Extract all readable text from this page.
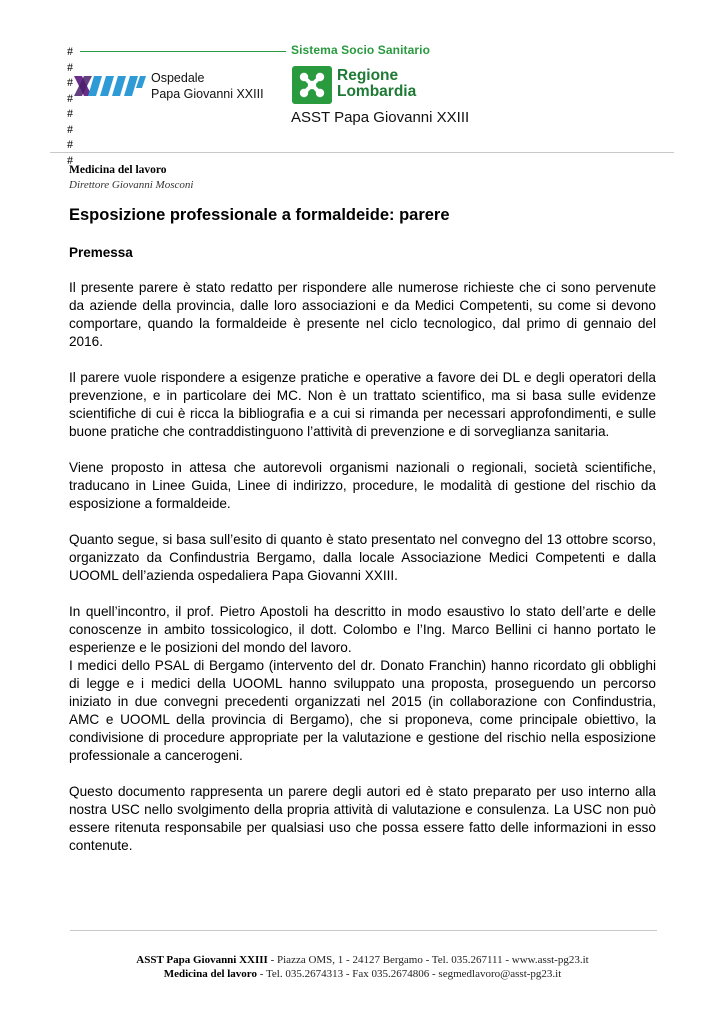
#
#
#
#
#
#
#
#
Sistema Socio Sanitario
Ospedale
Papa Giovanni XXIII
Regione
Lombardia
ASST Papa Giovanni XXIII
Medicina del lavoro
Direttore Giovanni Mosconi
Esposizione professionale a formaldeide: parere
Premessa

Il presente parere è stato redatto per rispondere alle numerose richieste che ci sono pervenute da aziende della provincia, dalle loro associazioni e da Medici Competenti, su come si devono comportare, quando la formaldeide è presente nel ciclo tecnologico, dal primo di gennaio del 2016.

Il parere vuole rispondere a esigenze pratiche e operative a favore dei DL e degli operatori della prevenzione, e in particolare dei MC. Non è un trattato scientifico, ma si basa sulle evidenze scientifiche di cui è ricca la bibliografia e a cui si rimanda per necessari approfondimenti, e sulle buone pratiche che contraddistinguono l’attività di prevenzione e di sorveglianza sanitaria.

Viene proposto in attesa che autorevoli organismi nazionali o regionali, società scientifiche, traducano in Linee Guida, Linee di indirizzo, procedure, le modalità di gestione del rischio da esposizione a formaldeide.

Quanto segue, si basa sull’esito di quanto è stato presentato nel convegno del 13 ottobre scorso, organizzato da Confindustria Bergamo, dalla locale Associazione Medici Competenti e dalla UOOML dell’azienda ospedaliera Papa Giovanni XXIII.

In quell’incontro, il prof. Pietro Apostoli ha descritto in modo esaustivo lo stato dell’arte e delle conoscenze in ambito tossicologico, il dott. Colombo e l’Ing. Marco Bellini ci hanno portato le esperienze e le posizioni del mondo del lavoro.

I medici dello PSAL di Bergamo (intervento del dr. Donato Franchin) hanno ricordato gli obblighi di legge e i medici della UOOML hanno sviluppato una proposta, proseguendo un percorso iniziato in due convegni precedenti organizzati nel 2015 (in collaborazione con Confindustria, AMC e UOOML della provincia di Bergamo), che si proponeva, come principale obiettivo, la condivisione di procedure appropriate per la valutazione e gestione del rischio nella esposizione professionale a cancerogeni.

Questo documento rappresenta un parere degli autori ed è stato preparato per uso interno alla nostra USC nello svolgimento della propria attività di valutazione e consulenza. La USC non può essere ritenuta responsabile per qualsiasi uso che possa essere fatto delle informazioni in esso contenute.

ASST Papa Giovanni XXIII - Piazza OMS, 1 - 24127 Bergamo - Tel. 035.267111 - www.asst-pg23.it
Medicina del lavoro - Tel. 035.2674313 - Fax 035.2674806 - segmedlavoro@asst-pg23.it
